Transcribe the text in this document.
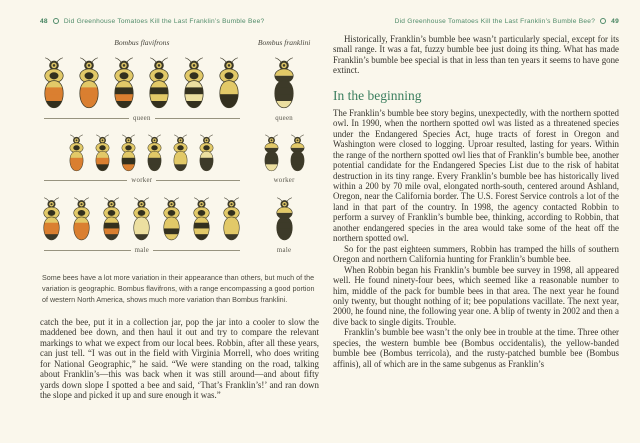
48 Did Greenhouse Tomatoes Kill the Last Franklin’s Bumble Bee?
Bombus flavifrons
queen
worker
male
Bombus franklini
queen
worker
male
Some bees have a lot more variation in their appearance than others, but much of the variation is geographic. Bombus flavifrons, with a range encompassing a good portion of western North America, shows much more variation than Bombus franklini.

catch the bee, put it in a collection jar, pop the jar into a cooler to slow the maddened bee down, and then haul it out and try to compare the relevant markings to what we expect from our local bees. Robbin, after all these years, can just tell. “I was out in the field with Virginia Morrell, who does writing for National Geographic,” he said. “We were standing on the road, talking about Franklin’s—this was back when it was still around—and about fifty yards down slope I spotted a bee and said, ‘That’s Franklin’s!’ and ran down the slope and picked it up and sure enough it was.”

Did Greenhouse Tomatoes Kill the Last Franklin’s Bumble Bee? 49

Historically, Franklin’s bumble bee wasn’t particularly special, except for its small range. It was a fat, fuzzy bumble bee just doing its thing. What has made Franklin’s bumble bee special is that in less than ten years it seems to have gone extinct.

In the beginning

The Franklin’s bumble bee story begins, unexpectedly, with the northern spotted owl. In 1990, when the northern spotted owl was listed as a threatened species under the Endangered Species Act, huge tracts of forest in Oregon and Washington were closed to logging. Uproar resulted, lasting for years. Within the range of the northern spotted owl lies that of Franklin’s bumble bee, another potential candidate for the Endangered Species List due to the risk of habitat destruction in its tiny range. Every Franklin’s bumble bee has historically lived within a 200 by 70 mile oval, elongated north-south, centered around Ashland, Oregon, near the California border. The U.S. Forest Service controls a lot of the land in that part of the country. In 1998, the agency contacted Robbin to perform a survey of Franklin’s bumble bee, thinking, according to Robbin, that another endangered species in the area would take some of the heat off the northern spotted owl.

So for the past eighteen summers, Robbin has tramped the hills of southern Oregon and northern California hunting for Franklin’s bumble bee.

When Robbin began his Franklin’s bumble bee survey in 1998, all appeared well. He found ninety-four bees, which seemed like a reasonable number to him, middle of the pack for bumble bees in that area. The next year he found only twenty, but thought nothing of it; bee populations vacillate. The next year, 2000, he found nine, the following year one. A blip of twenty in 2002 and then a dive back to single digits. Trouble.

Franklin’s bumble bee wasn’t the only bee in trouble at the time. Three other species, the western bumble bee (Bombus occidentalis), the yellow-banded bumble bee (Bombus terricola), and the rusty-patched bumble bee (Bombus affinis), all of which are in the same subgenus as Franklin’s
